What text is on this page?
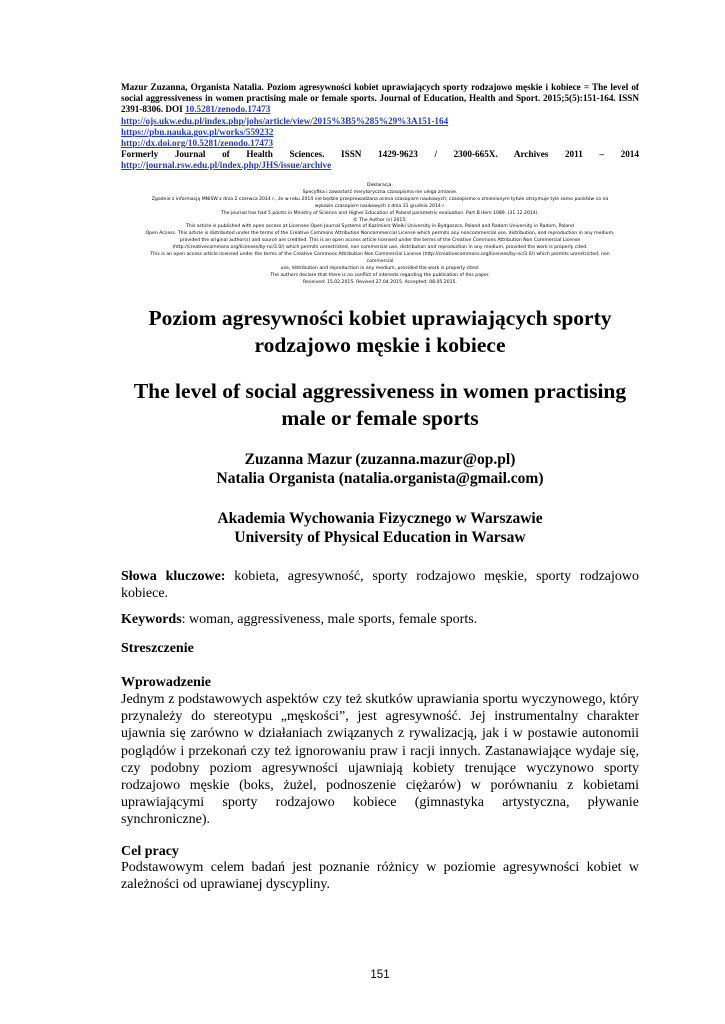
Mazur Zuzanna, Organista Natalia. Poziom agresywności kobiet uprawiających sporty rodzajowo męskie i kobiece = The level of social aggressiveness in women practising male or female sports. Journal of Education, Health and Sport. 2015;5(5):151-164. ISSN 2391-8306. DOI 10.5281/zenodo.17473
http://ojs.ukw.edu.pl/index.php/johs/article/view/2015%3B5%285%29%3A151-164
https://pbn.nauka.gov.pl/works/559232
http://dx.doi.org/10.5281/zenodo.17473
Formerly Journal of Health Sciences. ISSN 1429-9623 / 2300-665X. Archives 2011 – 2014
http://journal.rsw.edu.pl/index.php/JHS/issue/archive
Deklaracja.
Specyfika i zawartość merytoryczna czasopisma nie ulega zmianie.
Zgodnie z informacją MNiSW z dnia 2 czerwca 2014 r., że w roku 2014 nie będzie przeprowadzana ocena czasopism naukowych; czasopismo o zmienionym tytule otrzymuje tyle samo punktów co na
wykazie czasopism naukowych z dnia 31 grudnia 2014 r.
The journal has had 5 points in Ministry of Science and Higher Education of Poland parametric evaluation. Part B item 1089. (31.12.2014).
© The Author (s) 2015;
This article is published with open access at Licensee Open Journal Systems of Kazimierz Wielki University in Bydgoszcz, Poland and Radom University in Radom, Poland
Open Access. This article is distributed under the terms of the Creative Commons Attribution Noncommercial License which permits any noncommercial use, distribution, and reproduction in any medium,
provided the original author(s) and source are credited. This is an open access article licensed under the terms of the Creative Commons Attribution Non Commercial License
(http://creativecommons.org/licenses/by-nc/3.0/) which permits unrestricted, non commercial use, distribution and reproduction in any medium, provided the work is properly cited.
This is an open access article licensed under the terms of the Creative Commons Attribution Non Commercial License (http://creativecommons.org/licenses/by-nc/3.0/) which permits unrestricted, non
commercial
use, distribution and reproduction in any medium, provided the work is properly cited.
The authors declare that there is no conflict of interests regarding the publication of this paper.
Received: 15.02.2015. Revised 27.04.2015. Accepted: 08.05.2015.
Poziom agresywności kobiet uprawiających sporty
rodzajowo męskie i kobiece
The level of social aggressiveness in women practising
male or female sports
Zuzanna Mazur (zuzanna.mazur@op.pl)
Natalia Organista (natalia.organista@gmail.com)
Akademia Wychowania Fizycznego w Warszawie
University of Physical Education in Warsaw
Słowa kluczowe: kobieta, agresywność, sporty rodzajowo męskie, sporty rodzajowo kobiece.
Keywords: woman, aggressiveness, male sports, female sports.
Streszczenie
Wprowadzenie
Jednym z podstawowych aspektów czy też skutków uprawiania sportu wyczynowego, który przynależy do stereotypu „męskości”, jest agresywność. Jej instrumentalny charakter ujawnia się zarówno w działaniach związanych z rywalizacją, jak i w postawie autonomii poglądów i przekonań czy też ignorowaniu praw i racji innych. Zastanawiające wydaje się, czy podobny poziom agresywności ujawniają kobiety trenujące wyczynowo sporty rodzajowo męskie (boks, żużel, podnoszenie ciężarów) w porównaniu z kobietami uprawiającymi sporty rodzajowo kobiece (gimnastyka artystyczna, pływanie synchroniczne).
Cel pracy
Podstawowym celem badań jest poznanie różnicy w poziomie agresywności kobiet w zależności od uprawianej dyscypliny.
151
